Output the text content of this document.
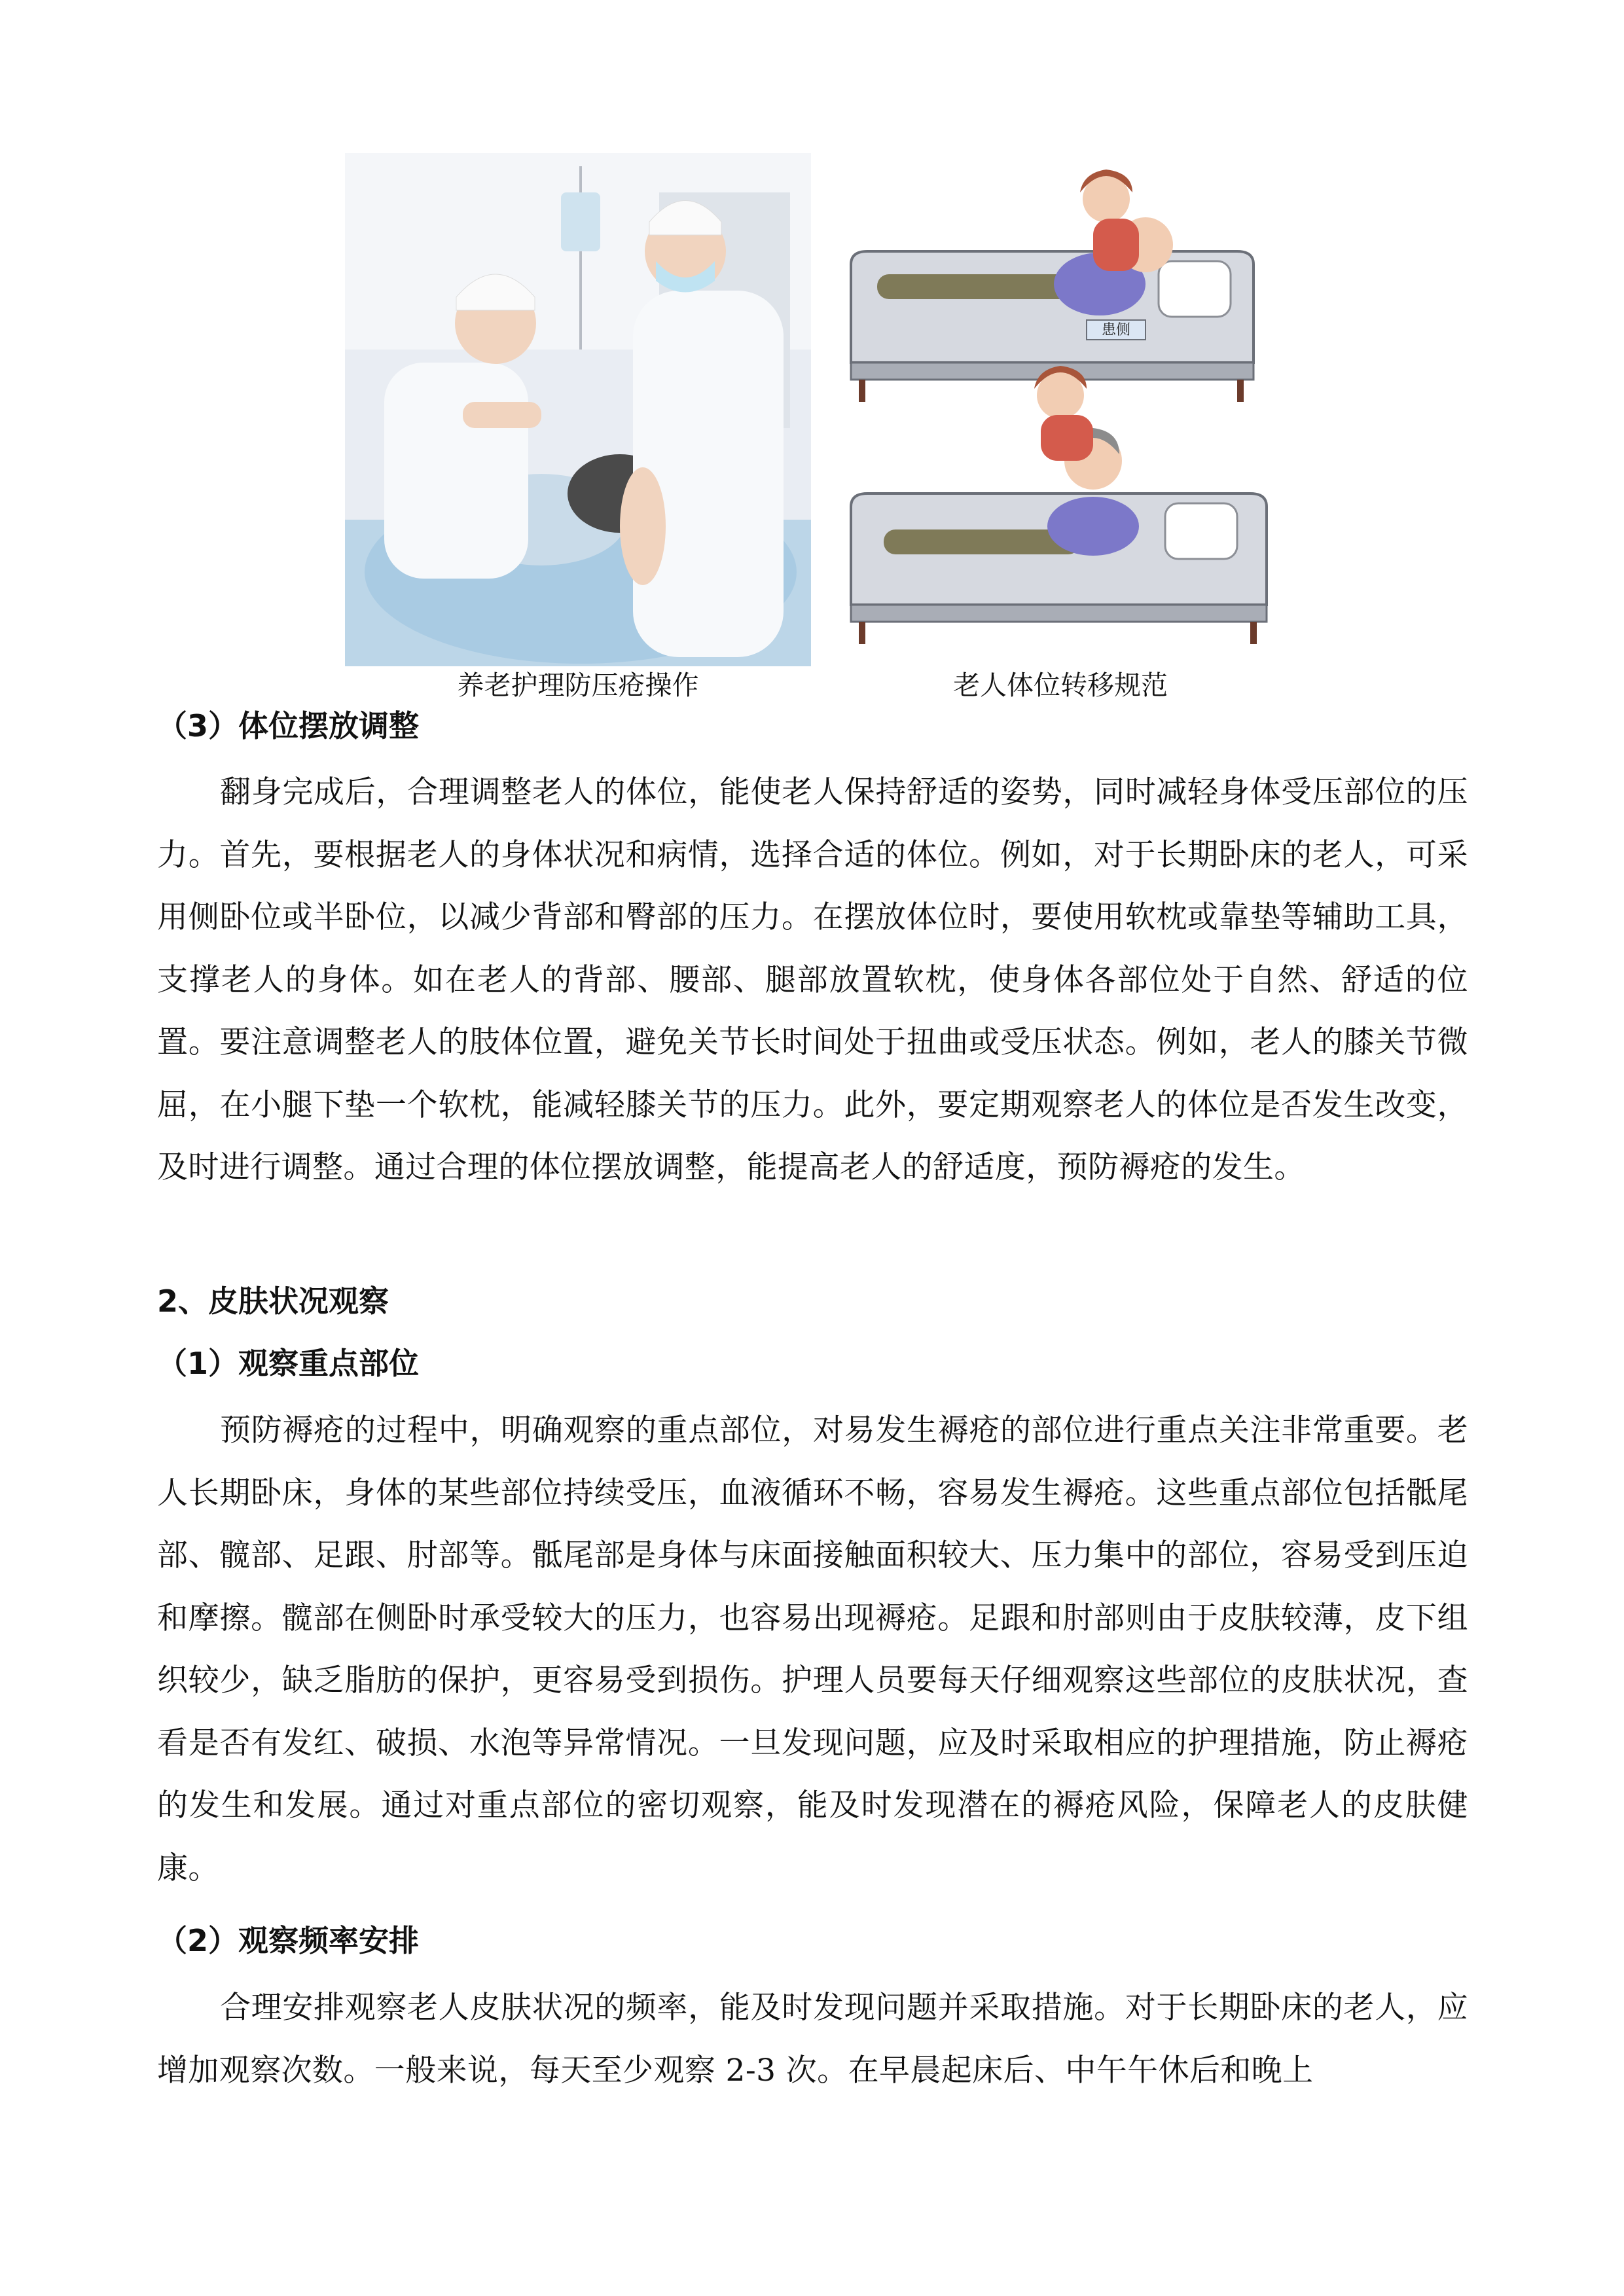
患侧
养老护理防压疮操作	老人体位转移规范
（3）体位摆放调整
翻身完成后，合理调整老人的体位，能使老人保持舒适的姿势，同时减轻身体受压部位的压力。首先，要根据老人的身体状况和病情，选择合适的体位。例如，对于长期卧床的老人，可采用侧卧位或半卧位，以减少背部和臀部的压力。在摆放体位时，要使用软枕或靠垫等辅助工具，支撑老人的身体。如在老人的背部、腰部、腿部放置软枕，使身体各部位处于自然、舒适的位置。要注意调整老人的肢体位置，避免关节长时间处于扭曲或受压状态。例如，老人的膝关节微屈，在小腿下垫一个软枕，能减轻膝关节的压力。此外，要定期观察老人的体位是否发生改变，及时进行调整。通过合理的体位摆放调整，能提高老人的舒适度，预防褥疮的发生。
2、皮肤状况观察
（1）观察重点部位
预防褥疮的过程中，明确观察的重点部位，对易发生褥疮的部位进行重点关注非常重要。老人长期卧床，身体的某些部位持续受压，血液循环不畅，容易发生褥疮。这些重点部位包括骶尾部、髋部、足跟、肘部等。骶尾部是身体与床面接触面积较大、压力集中的部位，容易受到压迫和摩擦。髋部在侧卧时承受较大的压力，也容易出现褥疮。足跟和肘部则由于皮肤较薄，皮下组织较少，缺乏脂肪的保护，更容易受到损伤。护理人员要每天仔细观察这些部位的皮肤状况，查看是否有发红、破损、水泡等异常情况。一旦发现问题，应及时采取相应的护理措施，防止褥疮的发生和发展。通过对重点部位的密切观察，能及时发现潜在的褥疮风险，保障老人的皮肤健康。
（2）观察频率安排
合理安排观察老人皮肤状况的频率，能及时发现问题并采取措施。对于长期卧床的老人，应增加观察次数。一般来说，每天至少观察 2-3 次。在早晨起床后、中午午休后和晚上
